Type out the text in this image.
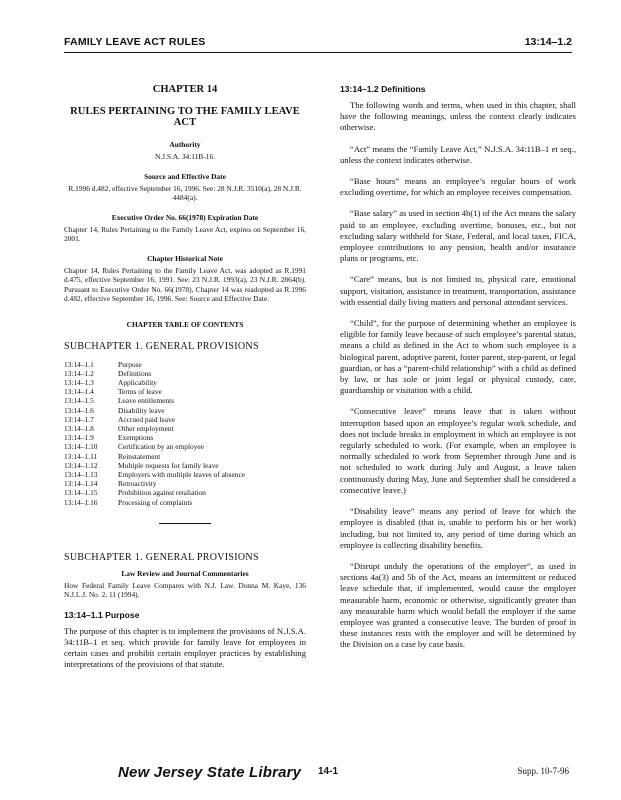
FAMILY LEAVE ACT RULES	13:14–1.2
CHAPTER 14
RULES PERTAINING TO THE FAMILY LEAVE ACT
Authority
N.J.S.A. 34:11B-16.
Source and Effective Date
R.1996 d.482, effective September 16, 1996. See: 28 N.J.R. 3510(a), 28 N.J.R. 4484(a).
Executive Order No. 66(1978) Expiration Date
Chapter 14, Rules Pertaining to the Family Leave Act, expires on September 16, 2001.
Chapter Historical Note
Chapter 14, Rules Pertaining to the Family Leave Act, was adopted as R.1991 d.475, effective September 16, 1991. See: 23 N.J.R. 1993(a), 23 N.J.R. 2864(b). Pursuant to Executive Order No. 66(1978), Chapter 14 was readopted as R.1996 d.482, effective September 16, 1996. See: Source and Effective Date.
CHAPTER TABLE OF CONTENTS
SUBCHAPTER 1. GENERAL PROVISIONS
13:14–1.1	Purpose
13:14–1.2	Definitions
13:14–1.3	Applicability
13:14–1.4	Terms of leave
13:14–1.5	Leave entitlements
13:14–1.6	Disability leave
13:14–1.7	Accrued paid leave
13:14–1.8	Other employment
13:14–1.9	Exemptions
13:14–1.10	Certification by an employee
13:14–1.11	Reinstatement
13:14–1.12	Multiple requests for family leave
13:14–1.13	Employers with multiple leaves of absence
13:14–1.14	Retroactivity
13:14–1.15	Prohibition against retaliation
13:14–1.16	Processing of complaints
SUBCHAPTER 1. GENERAL PROVISIONS
Law Review and Journal Commentaries
How Federal Family Leave Compares with N.J. Law. Donna M. Kaye, 136 N.J.L.J. No. 2, 11 (1994).
13:14–1.1 Purpose

The purpose of this chapter is to implement the provisions of N.J.S.A. 34:11B–1 et seq. which provide for family leave for employees in certain cases and prohibit certain employer practices by establishing interpretations of the provisions of that statute.

13:14–1.2 Definitions

The following words and terms, when used in this chapter, shall have the following meanings, unless the context clearly indicates otherwise.

“Act” means the “Family Leave Act,” N.J.S.A. 34:11B–1 et seq., unless the context indicates otherwise.

“Base hours” means an employee’s regular hours of work excluding overtime, for which an employee receives compensation.

“Base salary” as used in section 4b(1) of the Act means the salary paid to an employee, excluding overtime, bonuses, etc., but not excluding salary withheld for State, Federal, and local taxes, FICA, employee contributions to any pension, health and/or insurance plans or programs, etc.

“Care” means, but is not limited to, physical care, emotional support, visitation, assistance in treatment, transportation, assistance with essential daily living matters and personal attendant services.

“Child”, for the purpose of determining whether an employee is eligible for family leave because of such employee’s parental status, means a child as defined in the Act to whom such employee is a biological parent, adoptive parent, foster parent, step-parent, or legal guardian, or has a “parent-child relationship” with a child as defined by law, or has sole or joint legal or physical custody, care, guardianship or visitation with a child.

“Consecutive leave” means leave that is taken without interruption based upon an employee’s regular work schedule, and does not include breaks in employment in which an employee is not regularly scheduled to work. (For example, when an employee is normally scheduled to work from September through June and is not scheduled to work during July and August, a leave taken continuously during May, June and September shall be considered a consecutive leave.)

“Disability leave” means any period of leave for which the employee is disabled (that is, unable to perform his or her work) including, but not limited to, any period of time during which an employee is collecting disability benefits.

“Disrupt unduly the operations of the employer”, as used in sections 4a(3) and 5b of the Act, means an intermittent or reduced leave schedule that, if implemented, would cause the employer measurable harm, economic or otherwise, significantly greater than any measurable harm which would befall the employer if the same employee was granted a consecutive leave. The burden of proof in these instances rests with the employer and will be determined by the Division on a case by case basis.

New Jersey State Library 14-1	Supp. 10-7-96
